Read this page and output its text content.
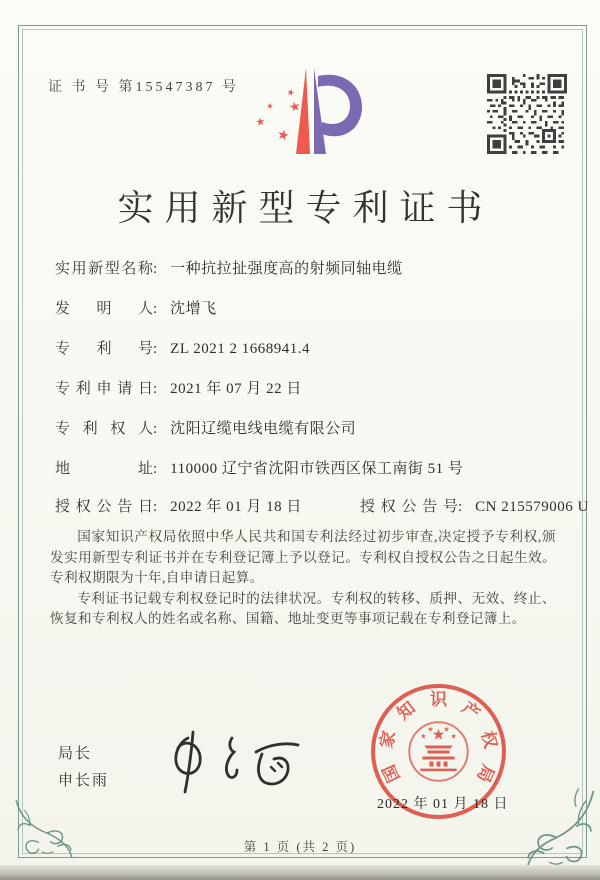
证 书 号 第15547387 号	★
★
★
★
★
实用新型专利证书
实用新型名称: 一种抗拉扯强度高的射频同轴电缆
发明人: 沈增飞
专利号: ZL 2021 2 1668941.4
专利申请日: 2021 年 07 月 22 日
专利权人: 沈阳辽缆电线电缆有限公司
地址: 110000 辽宁省沈阳市铁西区保工南街 51 号
授权公告日: 2022 年 01 月 18 日	授权公告号: CN 215579006 U

国家知识产权局依照中华人民共和国专利法经过初步审查,决定授予专利权,颁发实用新型专利证书并在专利登记簿上予以登记。专利权自授权公告之日起生效。专利权期限为十年,自申请日起算。

专利证书记载专利权登记时的法律状况。专利权的转移、质押、无效、终止、恢复和专利权人的姓名或名称、国籍、地址变更等事项记载在专利登记簿上。

局长
申长雨	国
家
知 识 产
权
局
★
★
★ ★
★
2022 年 01 月 18 日
第 1 页 (共 2 页)
